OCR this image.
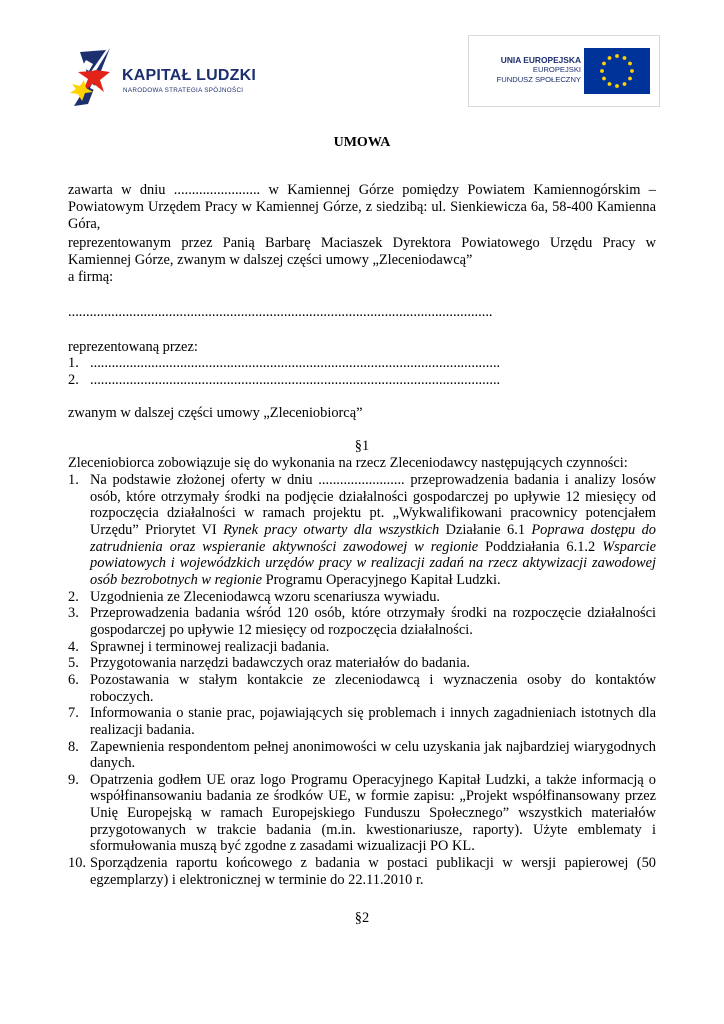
KAPITAŁ LUDZKI
NARODOWA STRATEGIA SPÓJNOŚCI
UNIA EUROPEJSKA
EUROPEJSKI
FUNDUSZ SPOŁECZNY
UMOWA
zawarta w dniu ........................ w Kamiennej Górze pomiędzy Powiatem Kamiennogórskim – Powiatowym Urzędem Pracy w Kamiennej Górze, z siedzibą: ul. Sienkiewicza 6a, 58-400 Kamienna Góra,
reprezentowanym przez Panią Barbarę Maciaszek Dyrektora Powiatowego Urzędu Pracy w Kamiennej Górze, zwanym w dalszej części umowy „Zleceniodawcą”
a firmą:
......................................................................................................................
reprezentowaną przez:
1. ..................................................................................................................
2. ..................................................................................................................
zwanym w dalszej części umowy „Zleceniobiorcą”
§1
Zleceniobiorca zobowiązuje się do wykonania na rzecz Zleceniodawcy następujących czynności:
1. Na podstawie złożonej oferty w dniu ........................ przeprowadzenia badania i analizy losów osób, które otrzymały środki na podjęcie działalności gospodarczej po upływie 12 miesięcy od rozpoczęcia działalności w ramach projektu pt. „Wykwalifikowani pracownicy potencjałem Urzędu” Priorytet VI Rynek pracy otwarty dla wszystkich Działanie 6.1 Poprawa dostępu do zatrudnienia oraz wspieranie aktywności zawodowej w regionie Poddziałania 6.1.2 Wsparcie powiatowych i wojewódzkich urzędów pracy w realizacji zadań na rzecz aktywizacji zawodowej osób bezrobotnych w regionie Programu Operacyjnego Kapitał Ludzki.
2. Uzgodnienia ze Zleceniodawcą wzoru scenariusza wywiadu.
3. Przeprowadzenia badania wśród 120 osób, które otrzymały środki na rozpoczęcie działalności gospodarczej po upływie 12 miesięcy od rozpoczęcia działalności.
4. Sprawnej i terminowej realizacji badania.
5. Przygotowania narzędzi badawczych oraz materiałów do badania.
6. Pozostawania w stałym kontakcie ze zleceniodawcą i wyznaczenia osoby do kontaktów roboczych.
7. Informowania o stanie prac, pojawiających się problemach i innych zagadnieniach istotnych dla realizacji badania.
8. Zapewnienia respondentom pełnej anonimowości w celu uzyskania jak najbardziej wiarygodnych danych.
9. Opatrzenia godłem UE oraz logo Programu Operacyjnego Kapitał Ludzki, a także informacją o współfinansowaniu badania ze środków UE, w formie zapisu: „Projekt współfinansowany przez Unię Europejską w ramach Europejskiego Funduszu Społecznego” wszystkich materiałów przygotowanych w trakcie badania (m.in. kwestionariusze, raporty). Użyte emblematy i sformułowania muszą być zgodne z zasadami wizualizacji PO KL.
10. Sporządzenia raportu końcowego z badania w postaci publikacji w wersji papierowej (50 egzemplarzy) i elektronicznej w terminie do 22.11.2010 r.
§2
